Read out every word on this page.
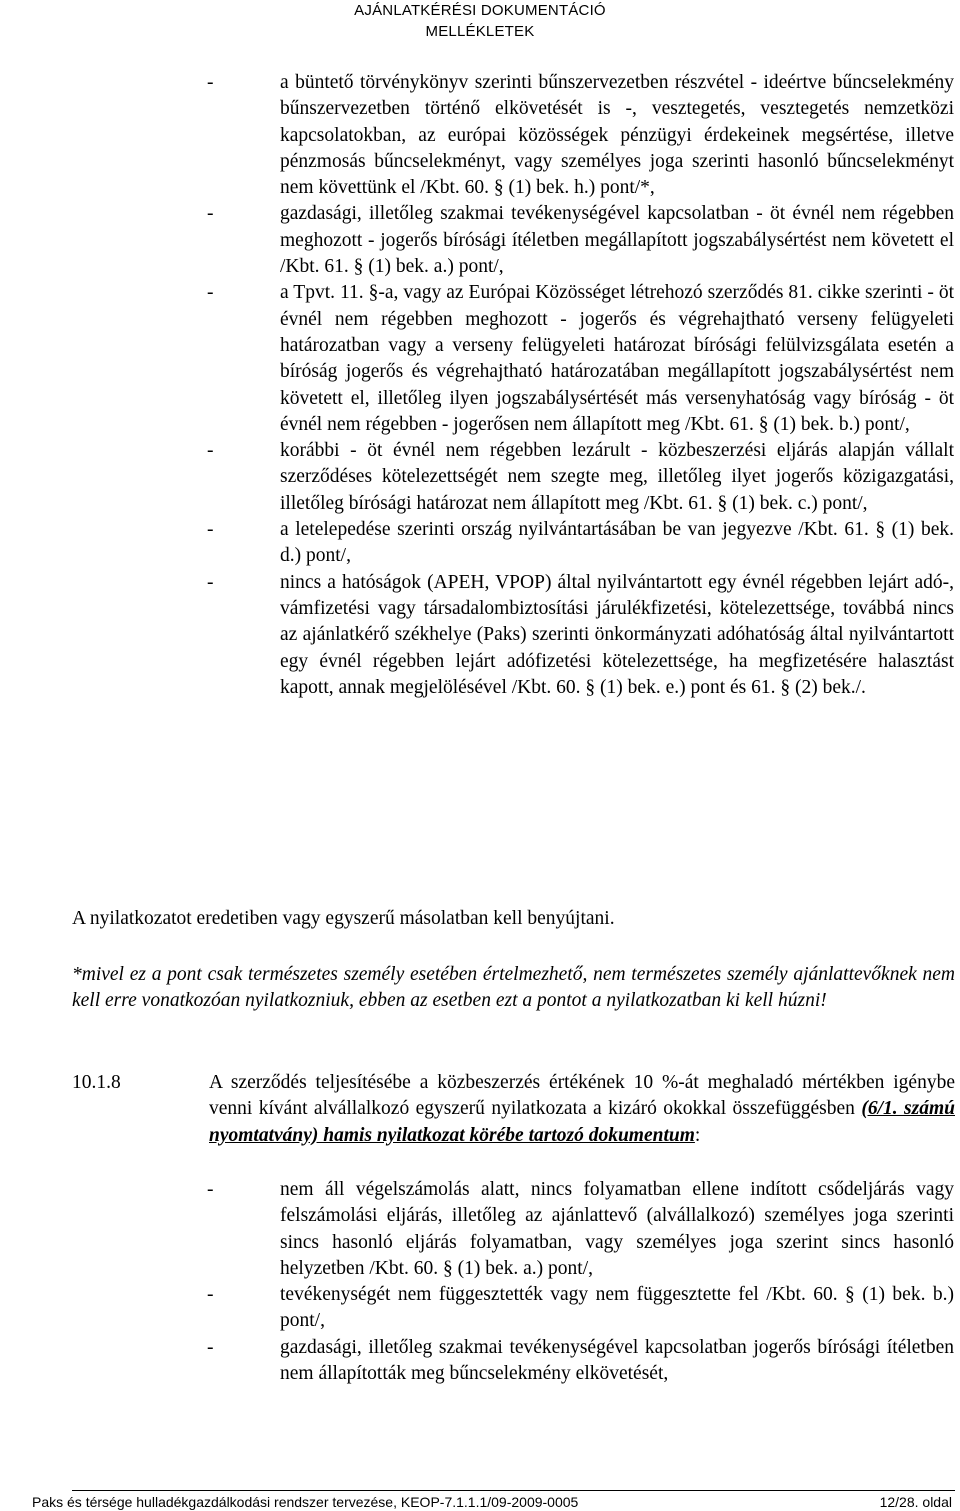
AJÁNLATKÉRÉSI DOKUMENTÁCIÓ
MELLÉKLETEK
-	a büntető törvénykönyv szerinti bűnszervezetben részvétel - ideértve bűncselekmény bűnszervezetben történő elkövetését is -, vesztegetés, vesztegetés nemzetközi kapcsolatokban, az európai közösségek pénzügyi érdekeinek megsértése, illetve pénzmosás bűncselekményt, vagy személyes joga szerinti hasonló bűncselekményt nem követtünk el /Kbt. 60. § (1) bek. h.) pont/*,
-	gazdasági, illetőleg szakmai tevékenységével kapcsolatban - öt évnél nem régebben meghozott - jogerős bírósági ítéletben megállapított jogszabálysértést nem követett el /Kbt. 61. § (1) bek. a.) pont/,
-	a Tpvt. 11. §-a, vagy az Európai Közösséget létrehozó szerződés 81. cikke szerinti - öt évnél nem régebben meghozott - jogerős és végrehajtható verseny felügyeleti határozatban vagy a verseny felügyeleti határozat bírósági felülvizsgálata esetén a bíróság jogerős és végrehajtható határozatában megállapított jogszabálysértést nem követett el, illetőleg ilyen jogszabálysértését más versenyhatóság vagy bíróság - öt évnél nem régebben - jogerősen nem állapított meg /Kbt. 61. § (1) bek. b.) pont/,
-	korábbi - öt évnél nem régebben lezárult - közbeszerzési eljárás alapján vállalt szerződéses kötelezettségét nem szegte meg, illetőleg ilyet jogerős közigazgatási, illetőleg bírósági határozat nem állapított meg /Kbt. 61. § (1) bek. c.) pont/,
-	a letelepedése szerinti ország nyilvántartásában be van jegyezve /Kbt. 61. § (1) bek. d.) pont/,
-	nincs a hatóságok (APEH, VPOP) által nyilvántartott egy évnél régebben lejárt adó-, vámfizetési vagy társadalombiztosítási járulékfizetési, kötelezettsége, továbbá nincs az ajánlatkérő székhelye (Paks) szerinti önkormányzati adóhatóság által nyilvántartott egy évnél régebben lejárt adófizetési kötelezettsége, ha megfizetésére halasztást kapott, annak megjelölésével /Kbt. 60. § (1) bek. e.) pont és 61. § (2) bek./.
A nyilatkozatot eredetiben vagy egyszerű másolatban kell benyújtani.
*mivel ez a pont csak természetes személy esetében értelmezhető, nem természetes személy ajánlattevőknek nem kell erre vonatkozóan nyilatkozniuk, ebben az esetben ezt a pontot a nyilatkozatban ki kell húzni!
10.1.8	A szerződés teljesítésébe a közbeszerzés értékének 10 %-át meghaladó mértékben igénybe venni kívánt alvállalkozó egyszerű nyilatkozata a kizáró okokkal összefüggésben (6/1. számú nyomtatvány) hamis nyilatkozat körébe tartozó dokumentum:
-	nem áll végelszámolás alatt, nincs folyamatban ellene indított csődeljárás vagy felszámolási eljárás, illetőleg az ajánlattevő (alvállalkozó) személyes joga szerinti sincs hasonló eljárás folyamatban, vagy személyes joga szerint sincs hasonló helyzetben /Kbt. 60. § (1) bek. a.) pont/,
-	tevékenységét nem függesztették vagy nem függesztette fel /Kbt. 60. § (1) bek. b.) pont/,
-	gazdasági, illetőleg szakmai tevékenységével kapcsolatban jogerős bírósági ítéletben nem állapították meg bűncselekmény elkövetését,
Paks és térsége hulladékgazdálkodási rendszer tervezése, KEOP-7.1.1.1/09-2009-0005	12/28. oldal
